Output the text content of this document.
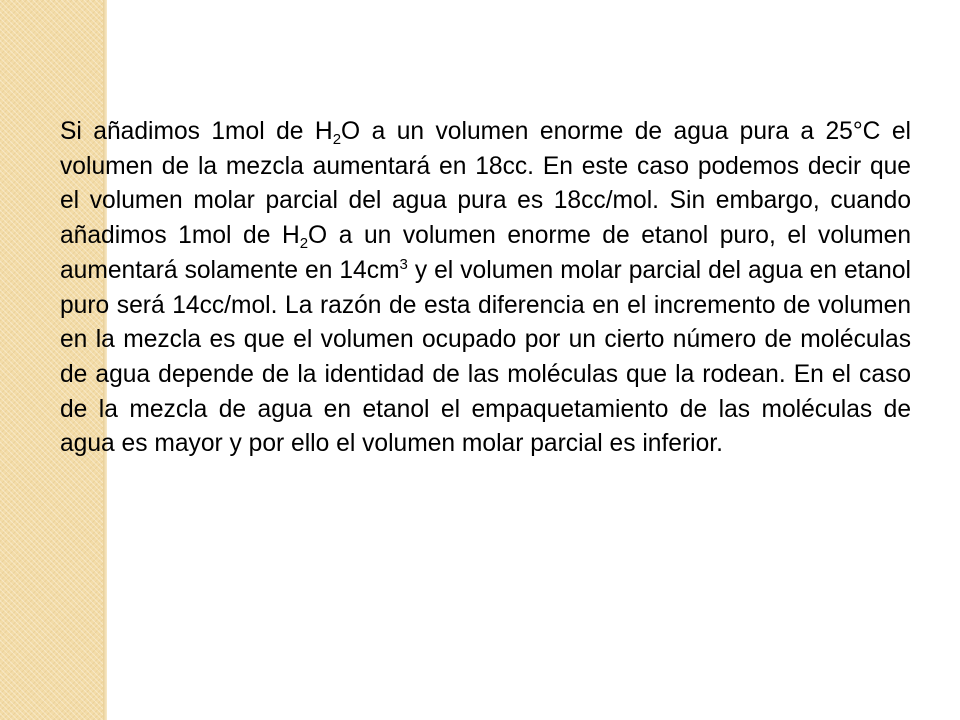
Si añadimos 1mol de $H_2O$ a un volumen enorme de agua pura a 25°C el volumen de la mezcla aumentará en 18cc. En este caso podemos decir que el volumen molar parcial del agua pura es 18cc/mol. Sin embargo, cuando añadimos 1mol de $H_2O$ a un volumen enorme de etanol puro, el volumen aumentará solamente en $14cm^3$ y el volumen molar parcial del agua en etanol puro será 14cc/mol. La razón de esta diferencia en el incremento de volumen en la mezcla es que el volumen ocupado por un cierto número de moléculas de agua depende de la identidad de las moléculas que la rodean. En el caso de la mezcla de agua en etanol el empaquetamiento de las moléculas de agua es mayor y por ello el volumen molar parcial es inferior.
